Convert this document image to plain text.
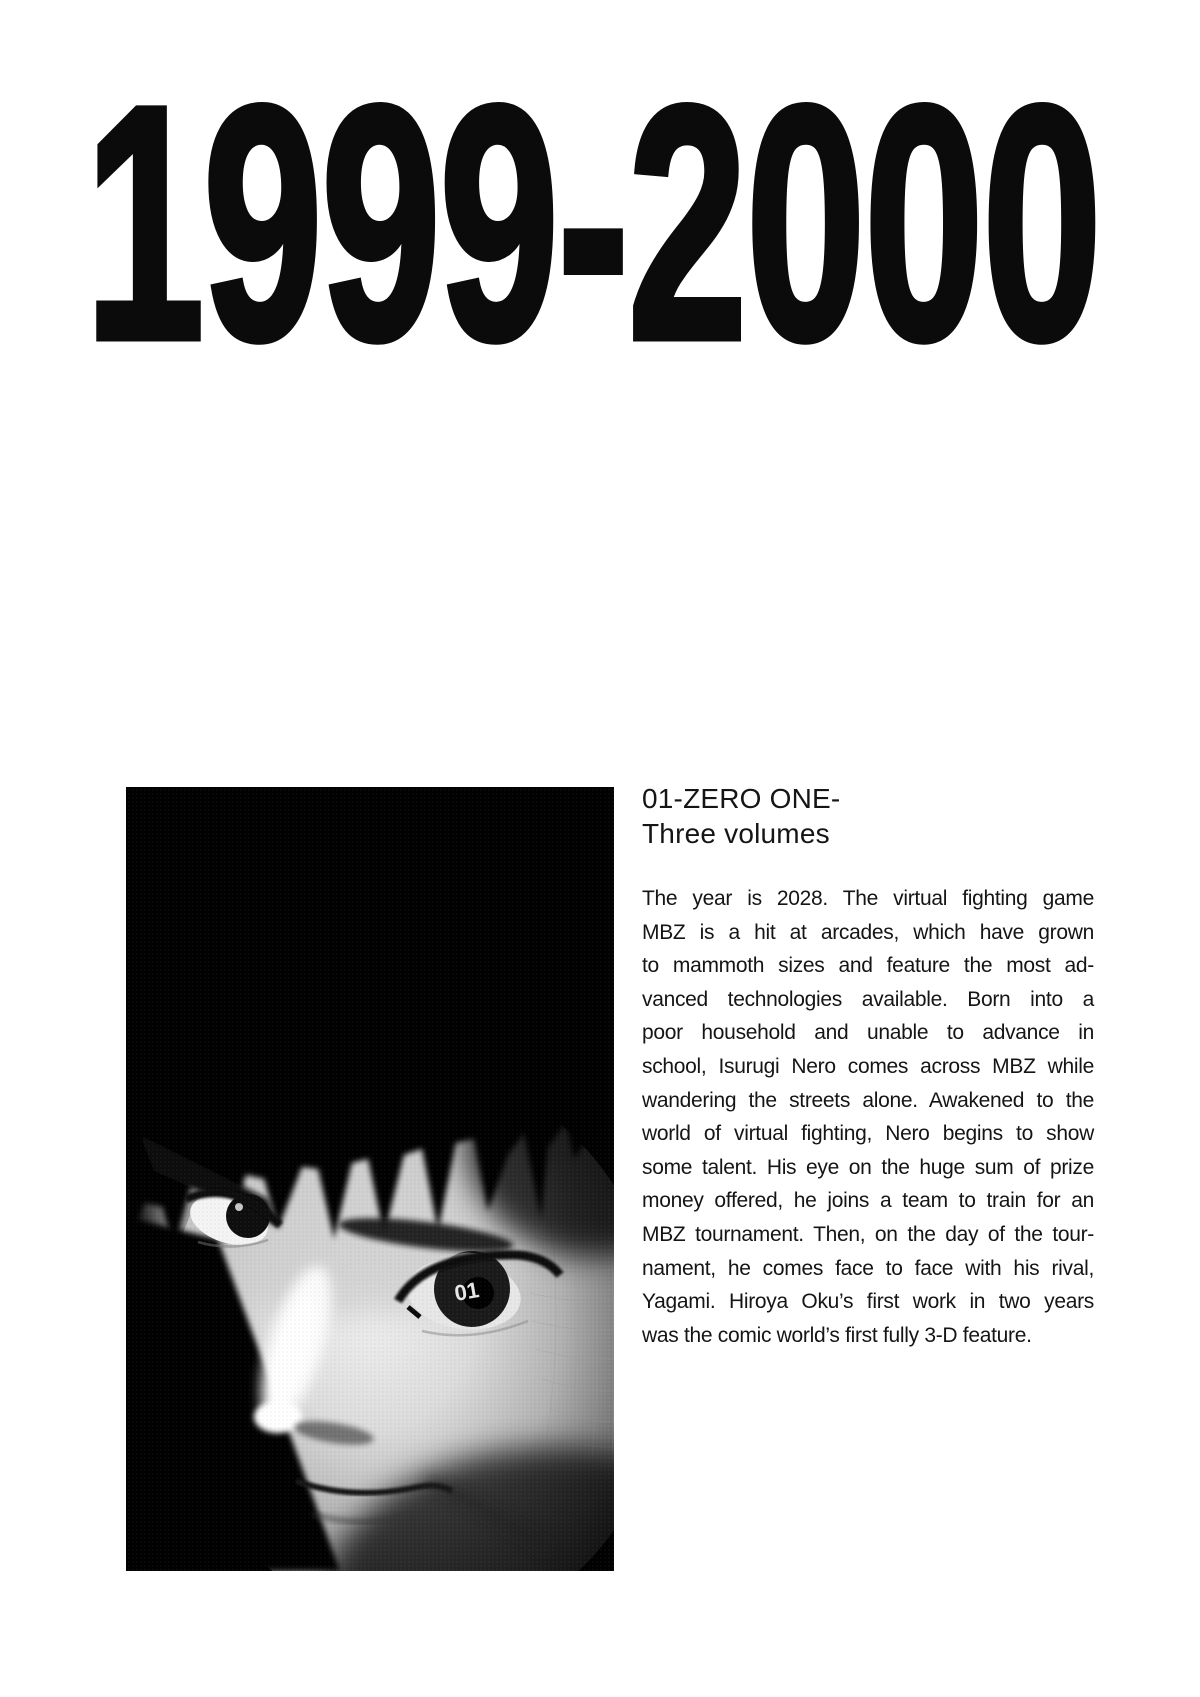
1999-2000
01
01-ZERO ONE-
Three volumes
The year is 2028. The virtual fighting game
MBZ is a hit at arcades, which have grown
to mammoth sizes and feature the most ad-
vanced technologies available. Born into a
poor household and unable to advance in
school, Isurugi Nero comes across MBZ while
wandering the streets alone. Awakened to the
world of virtual fighting, Nero begins to show
some talent. His eye on the huge sum of prize
money offered, he joins a team to train for an
MBZ tournament. Then, on the day of the tour-
nament, he comes face to face with his rival,
Yagami. Hiroya Oku’s first work in two years
was the comic world’s first fully 3-D feature.
